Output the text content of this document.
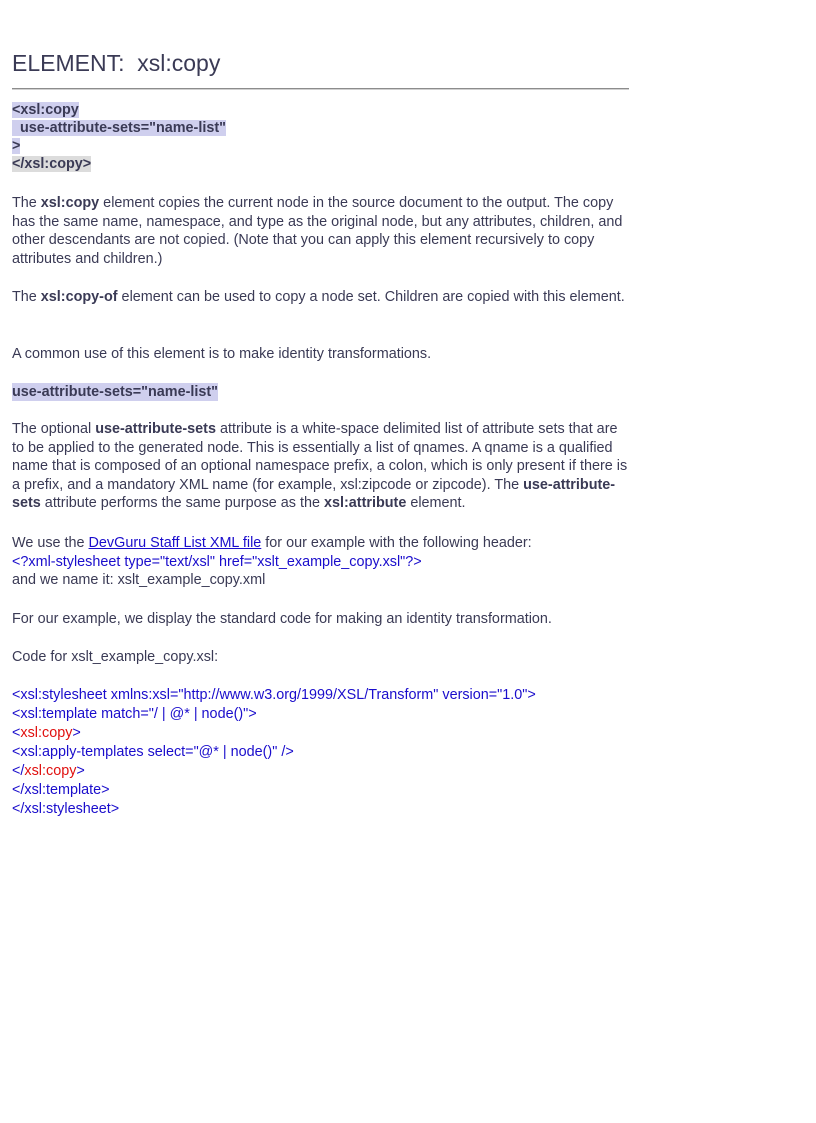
ELEMENT:  xsl:copy
<xsl:copy
use-attribute-sets="name-list"
>
</xsl:copy>

The xsl:copy element copies the current node in the source document to the output. The copy has the same name, namespace, and type as the original node, but any attributes, children, and other descendants are not copied. (Note that you can apply this element recursively to copy attributes and children.)

The xsl:copy-of element can be used to copy a node set. Children are copied with this element.

A common use of this element is to make identity transformations.

use-attribute-sets="name-list"

The optional use-attribute-sets attribute is a white-space delimited list of attribute sets that are to be applied to the generated node. This is essentially a list of qnames. A qname is a qualified name that is composed of an optional namespace prefix, a colon, which is only present if there is a prefix, and a mandatory XML name (for example, xsl:zipcode or zipcode). The use-attribute-sets attribute performs the same purpose as the xsl:attribute element.

We use the DevGuru Staff List XML file for our example with the following header:
<?xml-stylesheet type="text/xsl" href="xslt_example_copy.xsl"?>
and we name it: xslt_example_copy.xml

For our example, we display the standard code for making an identity transformation.

Code for xslt_example_copy.xsl:

<xsl:stylesheet xmlns:xsl="http://www.w3.org/1999/XSL/Transform" version="1.0">
<xsl:template match="/ | @* | node()">
<xsl:copy>
<xsl:apply-templates select="@* | node()" />
</xsl:copy>
</xsl:template>
</xsl:stylesheet>
